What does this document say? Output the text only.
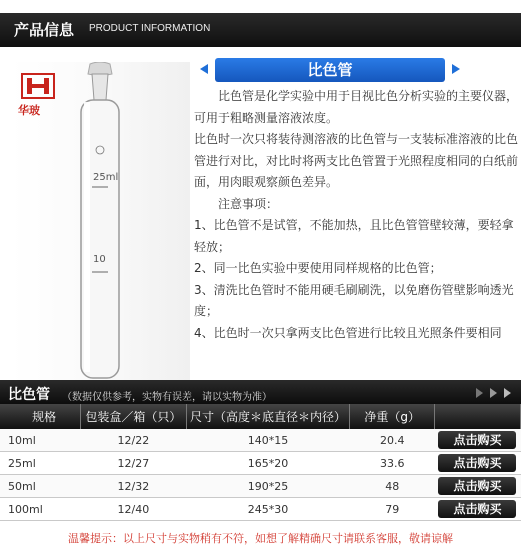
产品信息 PRODUCT INFORMATION
华玻
25ml
10
比色管

比色管是化学实验中用于目视比色分析实验的主要仪器，可用于粗略测量溶液浓度。

比色时一次只将装待测溶液的比色管与一支装标准溶液的比色管进行对比，对比时将两支比色管置于光照程度相同的白纸前面，用肉眼观察颜色差异。

注意事项：

1、比色管不是试管，不能加热，且比色管管壁较薄，要轻拿轻放；

2、同一比色实验中要使用同样规格的比色管；

3、清洗比色管时不能用硬毛刷刷洗，以免磨伤管壁影响透光度；

4、比色时一次只拿两支比色管进行比较且光照条件要相同

比色管 （数据仅供参考，实物有误差，请以实物为准）
规格	包装盒／箱（只）	尺寸（高度＊底直径＊内径）	净重（g）	
10ml	12/22	140*15	20.4	点击购买
25ml	12/27	165*20	33.6	点击购买
50ml	12/32	190*25	48	点击购买
100ml	12/40	245*30	79	点击购买
温馨提示：以上尺寸与实物稍有不符，如想了解精确尺寸请联系客服，敬请谅解
